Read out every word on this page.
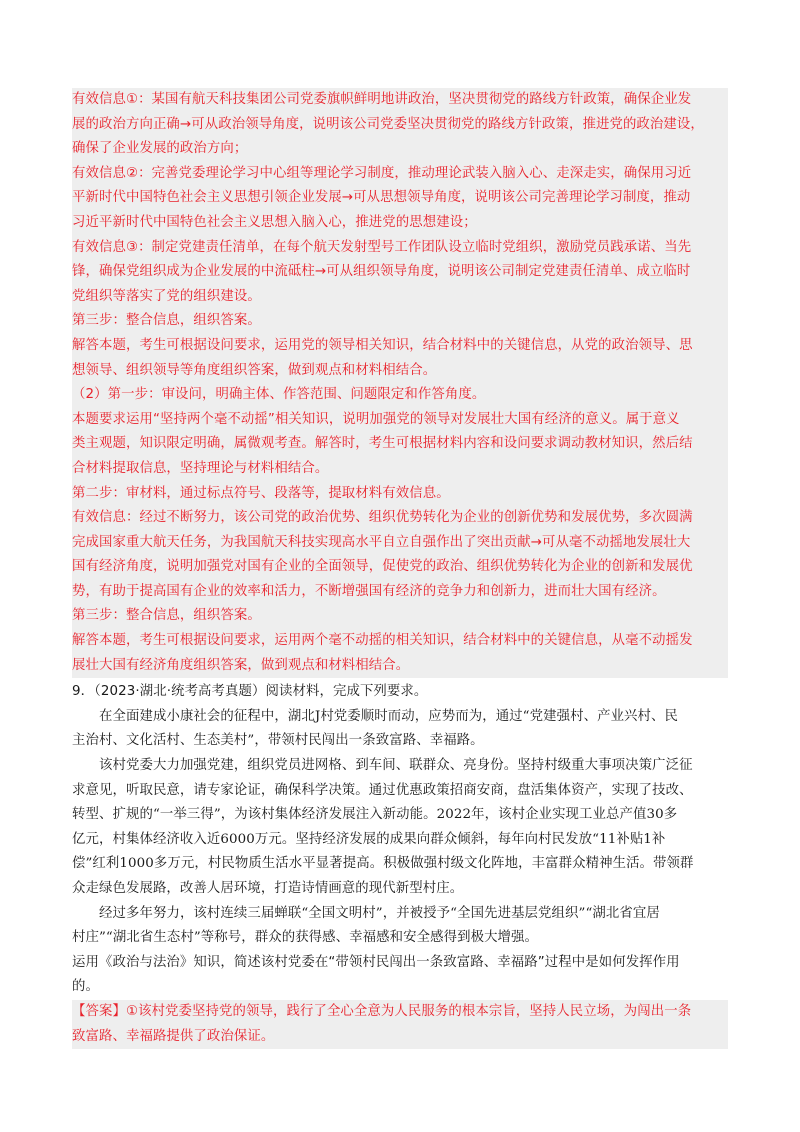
有效信息①：某国有航天科技集团公司党委旗帜鲜明地讲政治，坚决贯彻党的路线方针政策，确保企业发
展的政治方向正确→可从政治领导角度，说明该公司党委坚决贯彻党的路线方针政策，推进党的政治建设，
确保了企业发展的政治方向；
有效信息②：完善党委理论学习中心组等理论学习制度，推动理论武装入脑入心、走深走实，确保用习近
平新时代中国特色社会主义思想引领企业发展→可从思想领导角度，说明该公司完善理论学习制度，推动
习近平新时代中国特色社会主义思想入脑入心，推进党的思想建设；
有效信息③：制定党建责任清单，在每个航天发射型号工作团队设立临时党组织，激励党员践承诺、当先
锋，确保党组织成为企业发展的中流砥柱→可从组织领导角度，说明该公司制定党建责任清单、成立临时
党组织等落实了党的组织建设。
第三步：整合信息，组织答案。
解答本题，考生可根据设问要求，运用党的领导相关知识，结合材料中的关键信息，从党的政治领导、思
想领导、组织领导等角度组织答案，做到观点和材料相结合。
（2）第一步：审设问，明确主体、作答范围、问题限定和作答角度。
本题要求运用“坚持两个毫不动摇”相关知识，说明加强党的领导对发展壮大国有经济的意义。属于意义
类主观题，知识限定明确，属微观考查。解答时，考生可根据材料内容和设问要求调动教材知识，然后结
合材料提取信息，坚持理论与材料相结合。
第二步：审材料，通过标点符号、段落等，提取材料有效信息。
有效信息：经过不断努力，该公司党的政治优势、组织优势转化为企业的创新优势和发展优势，多次圆满
完成国家重大航天任务，为我国航天科技实现高水平自立自强作出了突出贡献→可从毫不动摇地发展壮大
国有经济角度，说明加强党对国有企业的全面领导，促使党的政治、组织优势转化为企业的创新和发展优
势，有助于提高国有企业的效率和活力，不断增强国有经济的竞争力和创新力，进而壮大国有经济。
第三步：整合信息，组织答案。
解答本题，考生可根据设问要求，运用两个毫不动摇的相关知识，结合材料中的关键信息，从毫不动摇发
展壮大国有经济角度组织答案，做到观点和材料相结合。
9．（2023·湖北·统考高考真题）阅读材料，完成下列要求。
在全面建成小康社会的征程中，湖北J村党委顺时而动，应势而为，通过“党建强村、产业兴村、民
主治村、文化活村、生态美村”，带领村民闯出一条致富路、幸福路。
该村党委大力加强党建，组织党员进网格、到车间、联群众、亮身份。坚持村级重大事项决策广泛征
求意见，听取民意，请专家论证，确保科学决策。通过优惠政策招商安商，盘活集体资产，实现了技改、
转型、扩规的“一举三得”，为该村集体经济发展注入新动能。2022年，该村企业实现工业总产值30多
亿元，村集体经济收入近6000万元。坚持经济发展的成果向群众倾斜，每年向村民发放“11补贴1补
偿”红利1000多万元，村民物质生活水平显著提高。积极做强村级文化阵地，丰富群众精神生活。带领群
众走绿色发展路，改善人居环境，打造诗情画意的现代新型村庄。
经过多年努力，该村连续三届蝉联“全国文明村”，并被授予“全国先进基层党组织”“湖北省宜居
村庄”“湖北省生态村”等称号，群众的获得感、幸福感和安全感得到极大增强。
运用《政治与法治》知识，简述该村党委在“带领村民闯出一条致富路、幸福路”过程中是如何发挥作用
的。
【答案】①该村党委坚持党的领导，践行了全心全意为人民服务的根本宗旨，坚持人民立场，为闯出一条
致富路、幸福路提供了政治保证。
